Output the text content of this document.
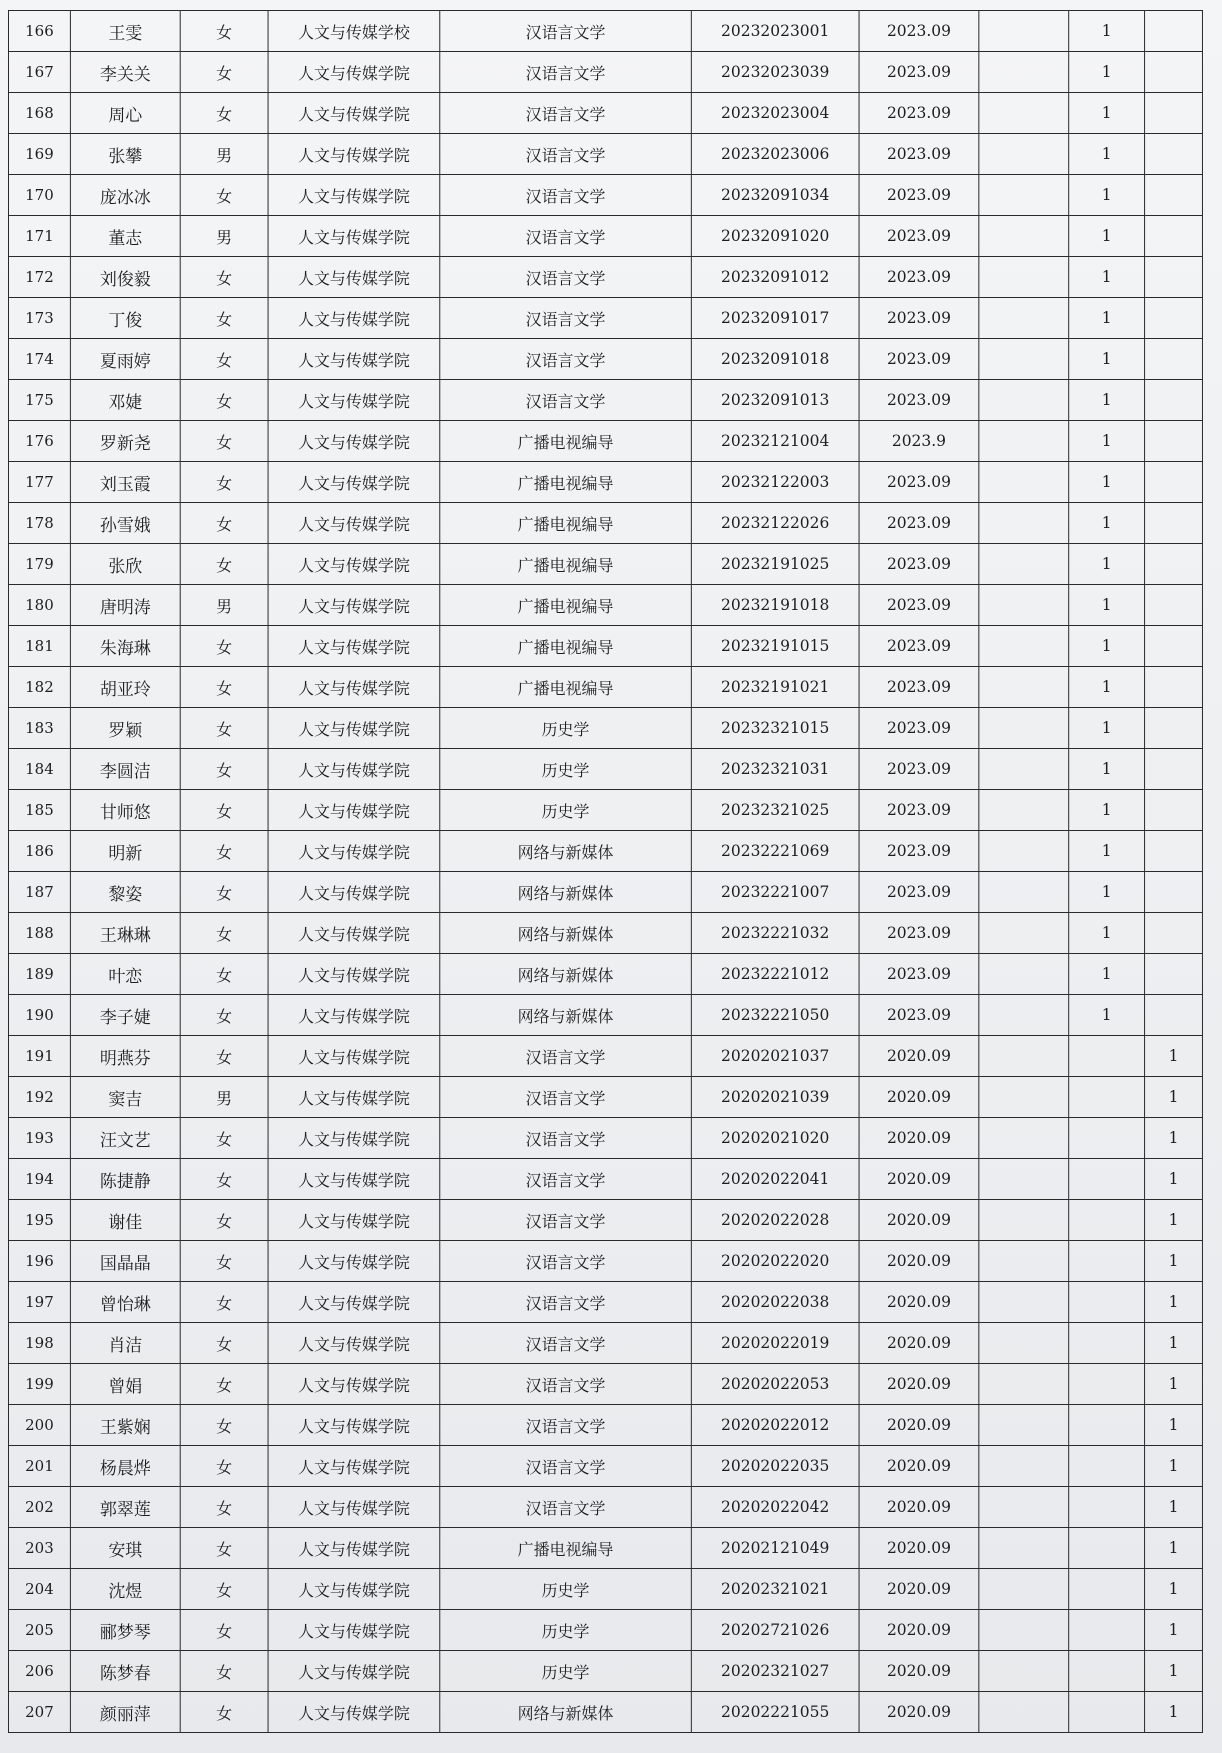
166	王雯	女	人文与传媒学校	汉语言文学	20232023001	2023.09		1	
167	李关关	女	人文与传媒学院	汉语言文学	20232023039	2023.09		1	
168	周心	女	人文与传媒学院	汉语言文学	20232023004	2023.09		1	
169	张攀	男	人文与传媒学院	汉语言文学	20232023006	2023.09		1	
170	庞冰冰	女	人文与传媒学院	汉语言文学	20232091034	2023.09		1	
171	董志	男	人文与传媒学院	汉语言文学	20232091020	2023.09		1	
172	刘俊毅	女	人文与传媒学院	汉语言文学	20232091012	2023.09		1	
173	丁俊	女	人文与传媒学院	汉语言文学	20232091017	2023.09		1	
174	夏雨婷	女	人文与传媒学院	汉语言文学	20232091018	2023.09		1	
175	邓婕	女	人文与传媒学院	汉语言文学	20232091013	2023.09		1	
176	罗新尧	女	人文与传媒学院	广播电视编导	20232121004	2023.9		1	
177	刘玉霞	女	人文与传媒学院	广播电视编导	20232122003	2023.09		1	
178	孙雪娥	女	人文与传媒学院	广播电视编导	20232122026	2023.09		1	
179	张欣	女	人文与传媒学院	广播电视编导	20232191025	2023.09		1	
180	唐明涛	男	人文与传媒学院	广播电视编导	20232191018	2023.09		1	
181	朱海琳	女	人文与传媒学院	广播电视编导	20232191015	2023.09		1	
182	胡亚玲	女	人文与传媒学院	广播电视编导	20232191021	2023.09		1	
183	罗颖	女	人文与传媒学院	历史学	20232321015	2023.09		1	
184	李圆洁	女	人文与传媒学院	历史学	20232321031	2023.09		1	
185	甘师悠	女	人文与传媒学院	历史学	20232321025	2023.09		1	
186	明新	女	人文与传媒学院	网络与新媒体	20232221069	2023.09		1	
187	黎姿	女	人文与传媒学院	网络与新媒体	20232221007	2023.09		1	
188	王琳琳	女	人文与传媒学院	网络与新媒体	20232221032	2023.09		1	
189	叶恋	女	人文与传媒学院	网络与新媒体	20232221012	2023.09		1	
190	李子婕	女	人文与传媒学院	网络与新媒体	20232221050	2023.09		1	
191	明燕芬	女	人文与传媒学院	汉语言文学	20202021037	2020.09			1
192	窦吉	男	人文与传媒学院	汉语言文学	20202021039	2020.09			1
193	汪文艺	女	人文与传媒学院	汉语言文学	20202021020	2020.09			1
194	陈捷静	女	人文与传媒学院	汉语言文学	20202022041	2020.09			1
195	谢佳	女	人文与传媒学院	汉语言文学	20202022028	2020.09			1
196	国晶晶	女	人文与传媒学院	汉语言文学	20202022020	2020.09			1
197	曾怡琳	女	人文与传媒学院	汉语言文学	20202022038	2020.09			1
198	肖洁	女	人文与传媒学院	汉语言文学	20202022019	2020.09			1
199	曾娟	女	人文与传媒学院	汉语言文学	20202022053	2020.09			1
200	王紫娴	女	人文与传媒学院	汉语言文学	20202022012	2020.09			1
201	杨晨烨	女	人文与传媒学院	汉语言文学	20202022035	2020.09			1
202	郭翠莲	女	人文与传媒学院	汉语言文学	20202022042	2020.09			1
203	安琪	女	人文与传媒学院	广播电视编导	20202121049	2020.09			1
204	沈煜	女	人文与传媒学院	历史学	20202321021	2020.09			1
205	郦梦琴	女	人文与传媒学院	历史学	20202721026	2020.09			1
206	陈梦春	女	人文与传媒学院	历史学	20202321027	2020.09			1
207	颜丽萍	女	人文与传媒学院	网络与新媒体	20202221055	2020.09			1
